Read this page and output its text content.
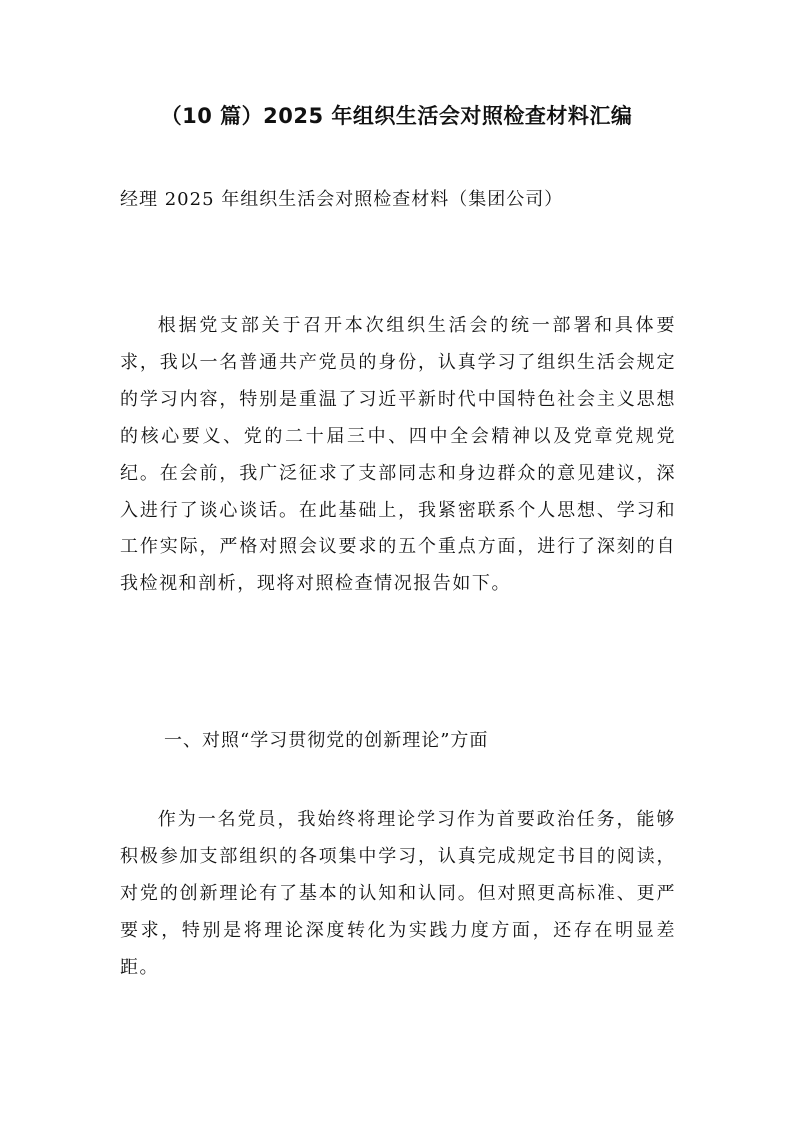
（10 篇）2025 年组织生活会对照检查材料汇编

经理 2025 年组织生活会对照检查材料（集团公司）

根据党支部关于召开本次组织生活会的统一部署和具体要求，我以一名普通共产党员的身份，认真学习了组织生活会规定的学习内容，特别是重温了习近平新时代中国特色社会主义思想的核心要义、党的二十届三中、四中全会精神以及党章党规党纪。在会前，我广泛征求了支部同志和身边群众的意见建议，深入进行了谈心谈话。在此基础上，我紧密联系个人思想、学习和工作实际，严格对照会议要求的五个重点方面，进行了深刻的自我检视和剖析，现将对照检查情况报告如下。

一、对照“学习贯彻党的创新理论”方面

作为一名党员，我始终将理论学习作为首要政治任务，能够积极参加支部组织的各项集中学习，认真完成规定书目的阅读，对党的创新理论有了基本的认知和认同。但对照更高标准、更严要求，特别是将理论深度转化为实践力度方面，还存在明显差距。
